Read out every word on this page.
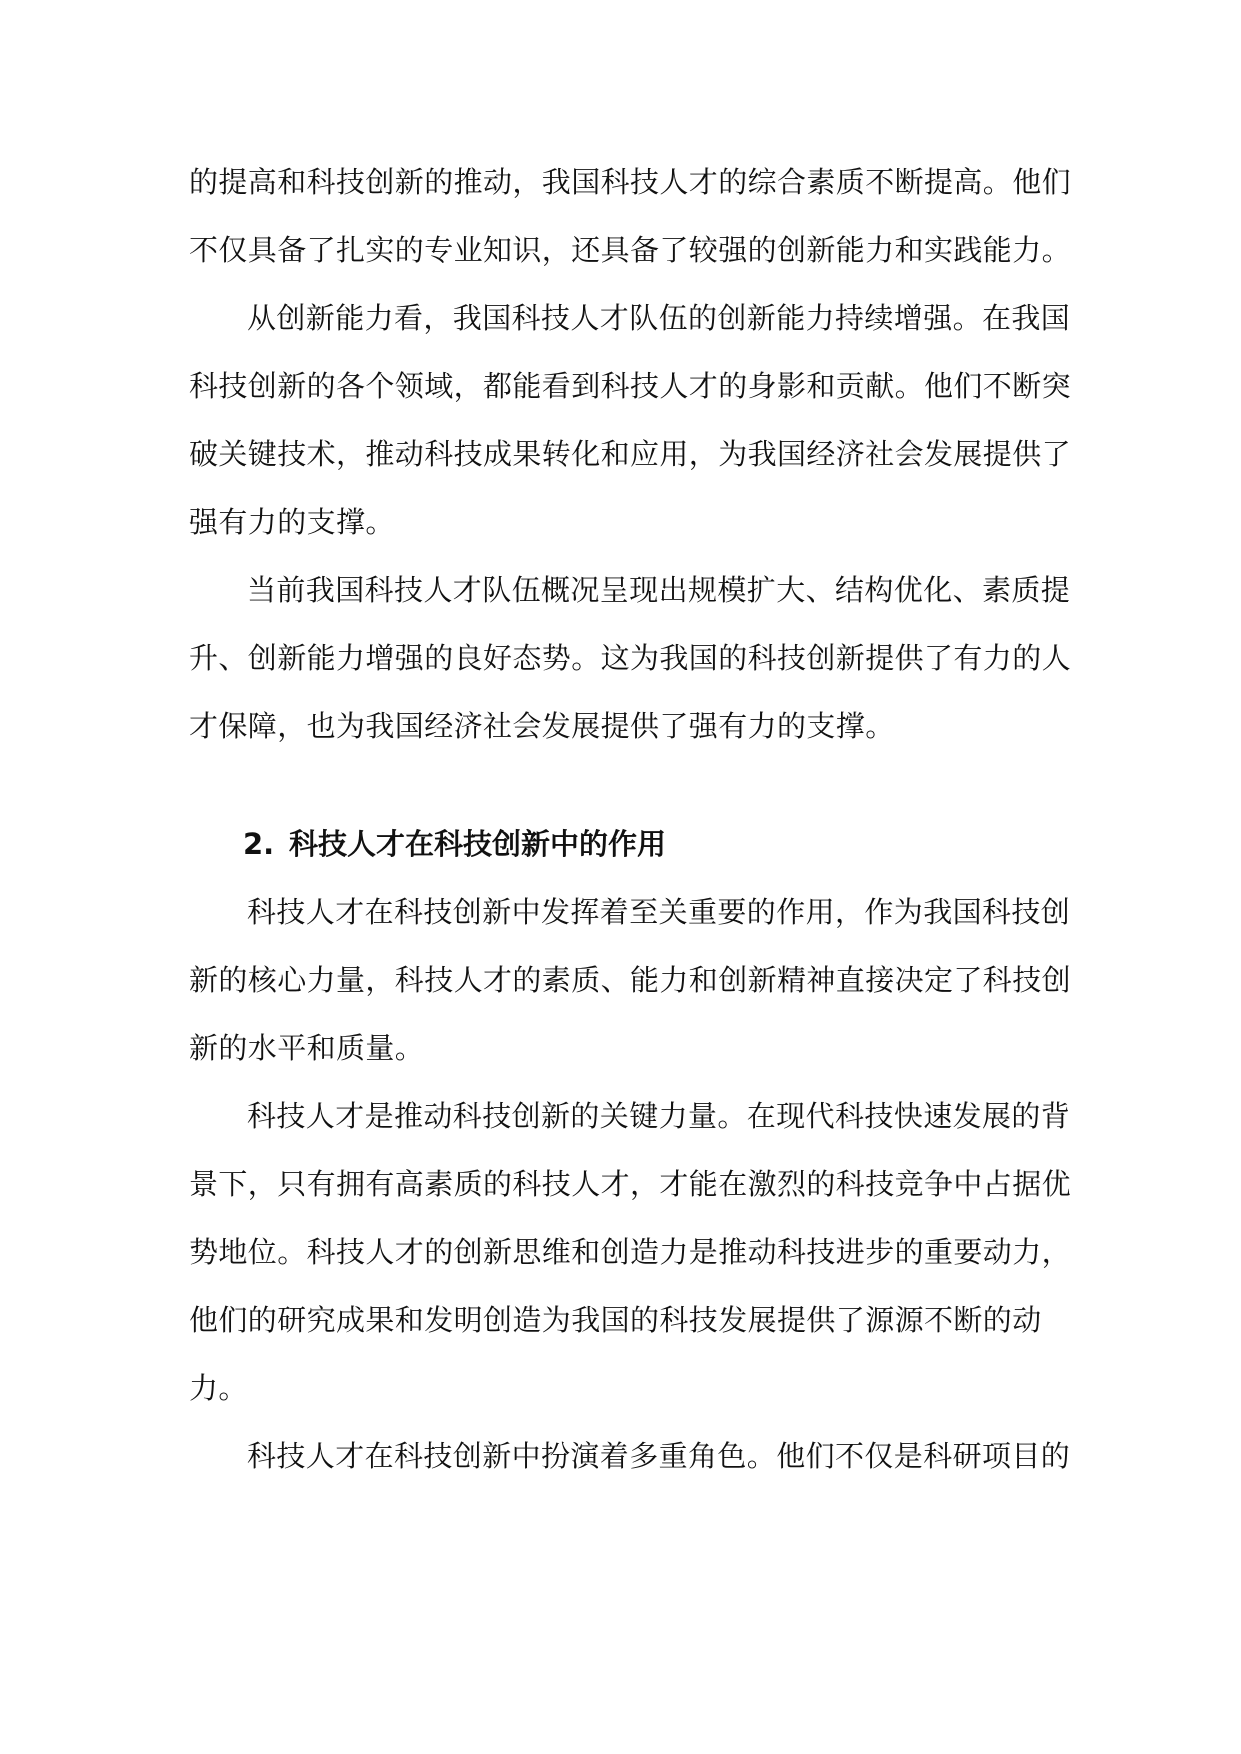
的提高和科技创新的推动，我国科技人才的综合素质不断提高。他们
不仅具备了扎实的专业知识，还具备了较强的创新能力和实践能力。
从创新能力看，我国科技人才队伍的创新能力持续增强。在我国
科技创新的各个领域，都能看到科技人才的身影和贡献。他们不断突
破关键技术，推动科技成果转化和应用，为我国经济社会发展提供了
强有力的支撑。
当前我国科技人才队伍概况呈现出规模扩大、结构优化、素质提
升、创新能力增强的良好态势。这为我国的科技创新提供了有力的人
才保障，也为我国经济社会发展提供了强有力的支撑。
2. 科技人才在科技创新中的作用
科技人才在科技创新中发挥着至关重要的作用，作为我国科技创
新的核心力量，科技人才的素质、能力和创新精神直接决定了科技创
新的水平和质量。
科技人才是推动科技创新的关键力量。在现代科技快速发展的背
景下，只有拥有高素质的科技人才，才能在激烈的科技竞争中占据优
势地位。科技人才的创新思维和创造力是推动科技进步的重要动力，
他们的研究成果和发明创造为我国的科技发展提供了源源不断的动
力。
科技人才在科技创新中扮演着多重角色。他们不仅是科研项目的
